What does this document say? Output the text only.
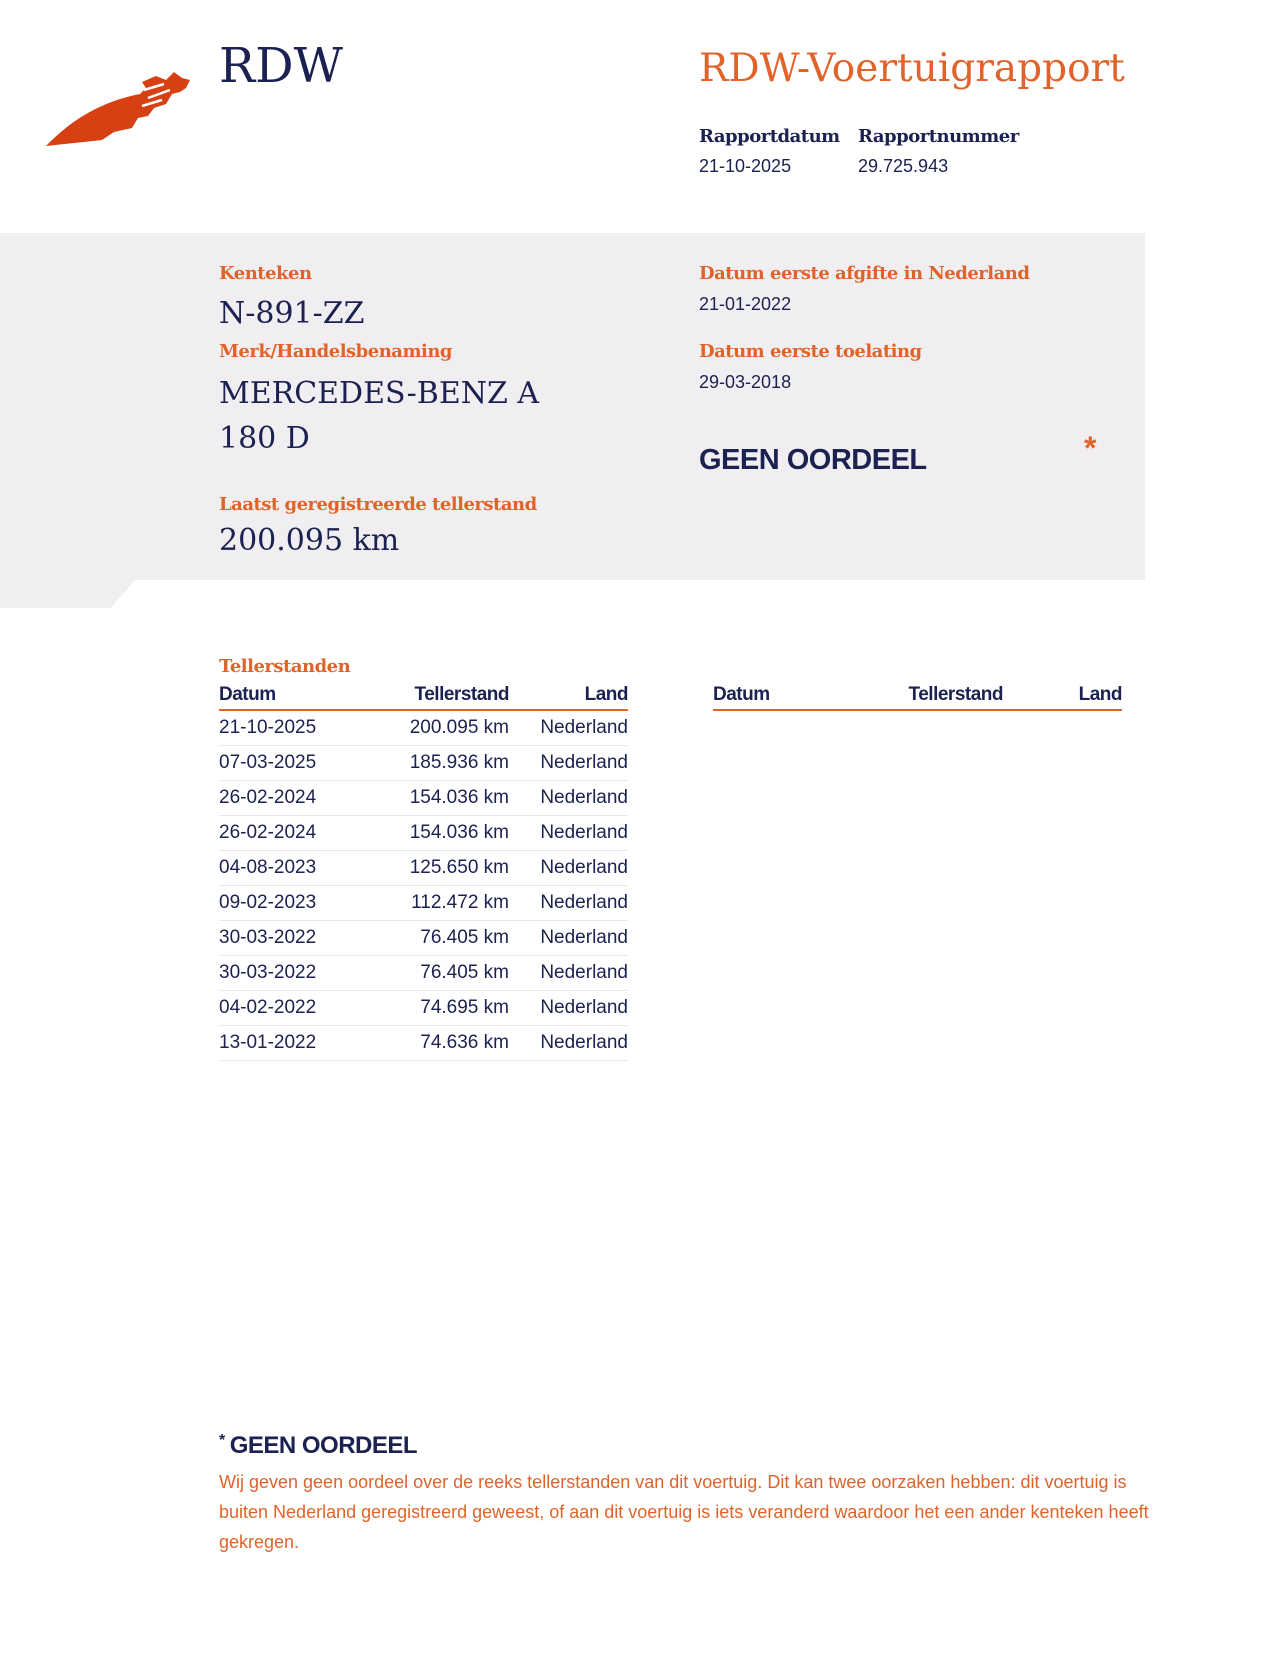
RDW	RDW-Voertuigrapport
Rapportdatum
21-10-2025
Rapportnummer
29.725.943
Kenteken
N-891-ZZ
Merk/Handelsbenaming
MERCEDES-BENZ A
180 D
Laatst geregistreerde tellerstand
200.095 km
Datum eerste afgifte in Nederland
21-01-2022
Datum eerste toelating
29-03-2018
GEEN OORDEEL	*
Tellerstanden
Datum	Tellerstand	Land
21-10-2025	200.095 km	Nederland
07-03-2025	185.936 km	Nederland
26-02-2024	154.036 km	Nederland
26-02-2024	154.036 km	Nederland
04-08-2023	125.650 km	Nederland
09-02-2023	112.472 km	Nederland
30-03-2022	76.405 km	Nederland
30-03-2022	76.405 km	Nederland
04-02-2022	74.695 km	Nederland
13-01-2022	74.636 km	Nederland
Datum	Tellerstand	Land
* GEEN OORDEEL
Wij geven geen oordeel over de reeks tellerstanden van dit voertuig. Dit kan twee oorzaken hebben: dit voertuig is buiten Nederland geregistreerd geweest, of aan dit voertuig is iets veranderd waardoor het een ander kenteken heeft gekregen.
